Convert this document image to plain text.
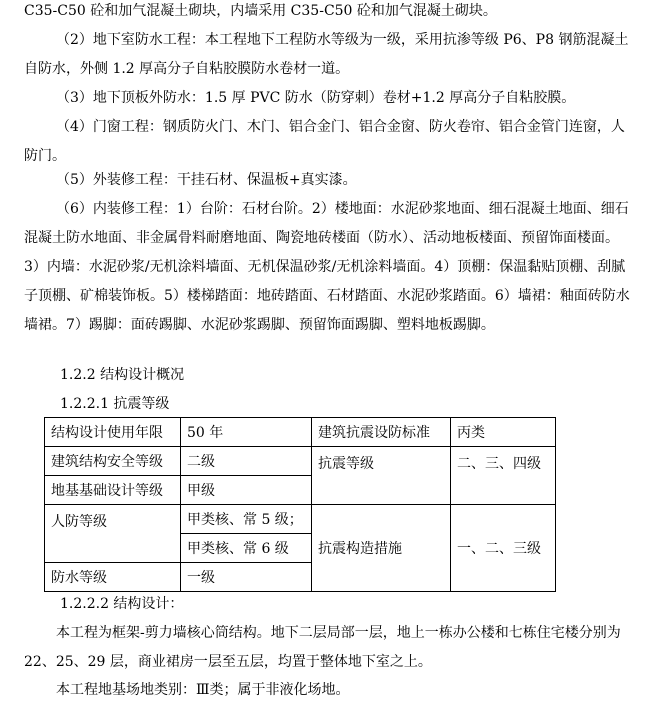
C35-C50 砼和加气混凝土砌块，内墙采用 C35-C50 砼和加气混凝土砌块。

（2）地下室防水工程：本工程地下工程防水等级为一级，采用抗渗等级 P6、P8 钢筋混凝土自防水，外侧 1.2 厚高分子自粘胶膜防水卷材一道。

（3）地下顶板外防水：1.5 厚 PVC 防水（防穿刺）卷材+1.2 厚高分子自粘胶膜。

（4）门窗工程：钢质防火门、木门、铝合金门、铝合金窗、防火卷帘、铝合金管门连窗，人防门。

（5）外装修工程：干挂石材、保温板+真实漆。

（6）内装修工程：1）台阶：石材台阶。2）楼地面：水泥砂浆地面、细石混凝土地面、细石混凝土防水地面、非金属骨料耐磨地面、陶瓷地砖楼面（防水）、活动地板楼面、预留饰面楼面。3）内墙：水泥砂浆/无机涂料墙面、无机保温砂浆/无机涂料墙面。4）顶棚：保温黏贴顶棚、刮腻子顶棚、矿棉装饰板。5）楼梯踏面：地砖踏面、石材踏面、水泥砂浆踏面。6）墙裙：釉面砖防水墙裙。7）踢脚：面砖踢脚、水泥砂浆踢脚、预留饰面踢脚、塑料地板踢脚。

1.2.2 结构设计概况

1.2.2.1 抗震等级

结构设计使用年限	50 年	建筑抗震设防标准	丙类
建筑结构安全等级	二级	抗震等级	二、三、四级
地基基础设计等级	甲级		
人防等级	甲类核、常 5 级；	抗震构造措施	一、二、三级
	甲类核、常 6 级		
防水等级	一级		

1.2.2.2 结构设计：

本工程为框架-剪力墙核心筒结构。地下二层局部一层，地上一栋办公楼和七栋住宅楼分别为 22、25、29 层，商业裙房一层至五层，均置于整体地下室之上。

本工程地基场地类别：Ⅲ类；属于非液化场地。
